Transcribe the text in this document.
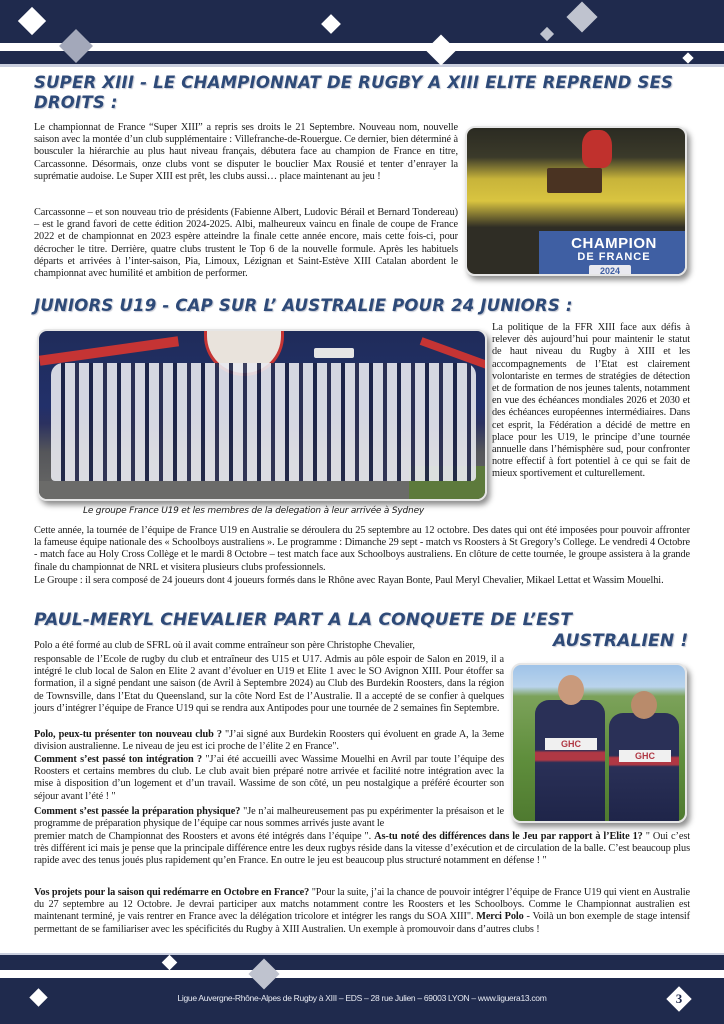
SUPER XIII - LE CHAMPIONNAT DE RUGBY A XIII ELITE REPREND SES DROITS :
Le championnat de France “Super XIII” a repris ses droits le 21 Septembre. Nouveau nom, nouvelle saison avec la montée d’un club supplémentaire : Villefranche-de-Rouergue. Ce dernier, bien déterminé à bousculer la hiérarchie au plus haut niveau français, débutera face au champion de France en titre, Carcassonne. Désormais, onze clubs vont se disputer le bouclier Max Rousié et tenter d’enrayer la suprématie audoise. Le Super XIII est prêt, les clubs aussi… place maintenant au jeu !
Carcassonne – et son nouveau trio de présidents (Fabienne Albert, Ludovic Bérail et Bernard Tondereau) – est le grand favori de cette édition 2024-2025. Albi, malheureux vaincu en finale de coupe de France 2022 et de championnat en 2023 espère atteindre la finale cette année encore, mais cette fois-ci, pour décrocher le titre. Derrière, quatre clubs trustent le Top 6 de la nouvelle formule. Après les habituels départs et arrivées à l’inter-saison, Pia, Limoux, Lézignan et Saint-Estève XIII Catalan abordent le championnat avec humilité et ambition de performer.
CHAMPION
DE FRANCE
2024
JUNIORS U19 - CAP SUR L’ AUSTRALIE POUR 24 JUNIORS :
Le groupe France U19 et les membres de la delegation à leur arrivée à Sydney
La politique de la FFR XIII face aux défis à relever dès aujourd’hui pour maintenir le statut de haut niveau du Rugby à XIII et les accompagnements de l’Etat est clairement volontariste en termes de stratégies de détection et de formation de nos jeunes talents, notamment en vue des échéances mondiales 2026 et 2030 et des échéances européennes intermédiaires. Dans cet esprit, la Fédération a décidé de mettre en place pour les U19, le principe d’une tournée annuelle dans l’hémisphère sud, pour confronter notre effectif à fort potentiel à ce qui se fait de mieux sportivement et culturellement.
Cette année, la tournée de l’équipe de France U19 en Australie se déroulera du 25 septembre au 12 octobre. Des dates qui ont été imposées pour pouvoir affronter la fameuse équipe nationale des « Schoolboys australiens ». Le programme : Dimanche 29 sept - match vs Roosters à St Gregory’s College. Le vendredi 4 Octobre - match face au Holy Cross Collège et le mardi 8 Octobre – test match face aux Schoolboys australiens. En clôture de cette tournée, le groupe assistera à la grande finale du championnat de NRL et visitera plusieurs clubs professionnels.
Le Groupe : il sera composé de 24 joueurs dont 4 joueurs formés dans le Rhône avec Rayan Bonte, Paul Meryl Chevalier, Mikael Lettat et Wassim Mouelhi.
PAUL-MERYL CHEVALIER PART A LA CONQUETE DE L’EST
AUSTRALIEN !
Polo a été formé au club de SFRL où il avait comme entraîneur son père Christophe Chevalier,
responsable de l’Ecole de rugby du club et entraîneur des U15 et U17. Admis au pôle espoir de Salon en 2019, il a intégré le club local de Salon en Elite 2 avant d’évoluer en U19 et Elite 1 avec le SO Avignon XIII. Pour étoffer sa formation, il a signé pendant une saison (de Avril à Septembre 2024) au Club des Burdekin Roosters, dans la région de Townsville, dans l’Etat du Queensland, sur la côte Nord Est de l’Australie. Il a accepté de se confier à quelques jours d’intégrer l’équipe de France U19 qui se rendra aux Antipodes pour une tournée de 2 semaines fin Septembre.
Polo, peux-tu présenter ton nouveau club ? "J’ai signé aux Burdekin Roosters qui évoluent en grade A, la 3eme division australienne. Le niveau de jeu est ici proche de l’élite 2 en France".
Comment s’est passé ton intégration ? "J’ai été accueilli avec Wassime Mouelhi en Avril par toute l’équipe des Roosters et certains membres du club. Le club avait bien préparé notre arrivée et facilité notre intégration avec la mise à disposition d’un logement et d’un travail. Wassime de son côté, un peu nostalgique a préféré écourter son séjour avant l’été ! "
Comment s’est passée la préparation physique? "Je n’ai malheureusement pas pu expérimenter la présaison et le programme de préparation physique de l’équipe car nous sommes arrivés juste avant le
premier match de Championnat des Roosters et avons été intégrés dans l’équipe ". As-tu noté des différences dans le Jeu par rapport à l’Elite 1? " Oui c’est très différent ici mais je pense que la principale différence entre les deux rugbys réside dans la vitesse d’exécution et de circulation de la balle. C’est beaucoup plus rapide avec des tenus joués plus rapidement qu’en France. En outre le jeu est beaucoup plus structuré notamment en défense ! "
Vos projets pour la saison qui redémarre en Octobre en France? "Pour la suite, j’ai la chance de pouvoir intégrer l’équipe de France U19 qui vient en Australie du 27 septembre au 12 Octobre. Je devrai participer aux matchs notamment contre les Roosters et les Schoolboys. Comme le Championnat australien est maintenant terminé, je vais rentrer en France avec la délégation tricolore et intégrer les rangs du SOA XIII". Merci Polo - Voilà un bon exemple de stage intensif permettant de se familiariser avec les spécificités du Rugby à XIII Australien. Un exemple à promouvoir dans d’autres clubs !
GHC
GHC
Ligue Auvergne-Rhône-Alpes de Rugby à XIII – EDS – 28 rue Julien – 69003 LYON – www.liguera13.com	3
